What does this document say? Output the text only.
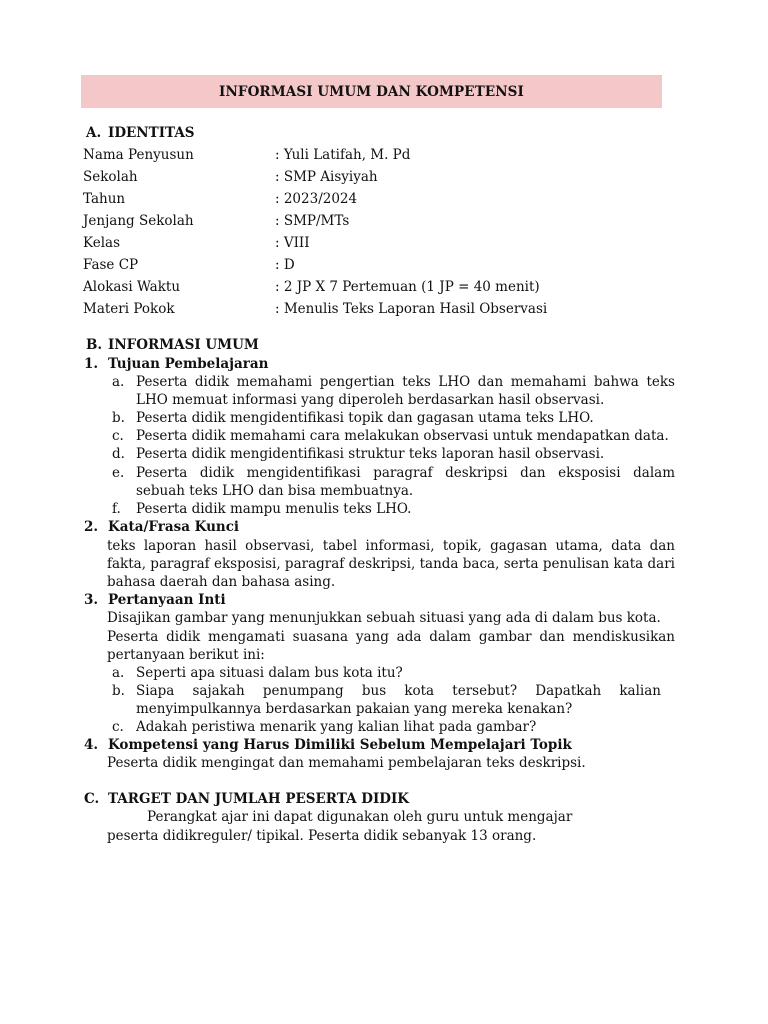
INFORMASI UMUM DAN KOMPETENSI
A. IDENTITAS
Nama Penyusun	: Yuli Latifah, M. Pd
Sekolah	: SMP Aisyiyah
Tahun	: 2023/2024
Jenjang Sekolah	: SMP/MTs
Kelas	: VIII
Fase CP	: D
Alokasi Waktu	: 2 JP X 7 Pertemuan (1 JP = 40 menit)
Materi Pokok	: Menulis Teks Laporan Hasil Observasi
B. INFORMASI UMUM
1. Tujuan Pembelajaran
a. Peserta didik memahami pengertian teks LHO dan memahami bahwa teks
LHO memuat informasi yang diperoleh berdasarkan hasil observasi.
b. Peserta didik mengidentifikasi topik dan gagasan utama teks LHO.
c. Peserta didik memahami cara melakukan observasi untuk mendapatkan data.
d. Peserta didik mengidentifikasi struktur teks laporan hasil observasi.
e. Peserta didik mengidentifikasi paragraf deskripsi dan eksposisi dalam
sebuah teks LHO dan bisa membuatnya.
f. Peserta didik mampu menulis teks LHO.
2. Kata/Frasa Kunci
teks laporan hasil observasi, tabel informasi, topik, gagasan utama, data dan
fakta, paragraf eksposisi, paragraf deskripsi, tanda baca, serta penulisan kata dari
bahasa daerah dan bahasa asing.
3. Pertanyaan Inti
Disajikan gambar yang menunjukkan sebuah situasi yang ada di dalam bus kota.
Peserta didik mengamati suasana yang ada dalam gambar dan mendiskusikan
pertanyaan berikut ini:
a. Seperti apa situasi dalam bus kota itu?
b. Siapa sajakah penumpang bus kota tersebut? Dapatkah kalian
menyimpulkannya berdasarkan pakaian yang mereka kenakan?
c. Adakah peristiwa menarik yang kalian lihat pada gambar?
4. Kompetensi yang Harus Dimiliki Sebelum Mempelajari Topik
Peserta didik mengingat dan memahami pembelajaran teks deskripsi.
C. TARGET DAN JUMLAH PESERTA DIDIK
Perangkat ajar ini dapat digunakan oleh guru untuk mengajar
peserta didikreguler/ tipikal. Peserta didik sebanyak 13 orang.
